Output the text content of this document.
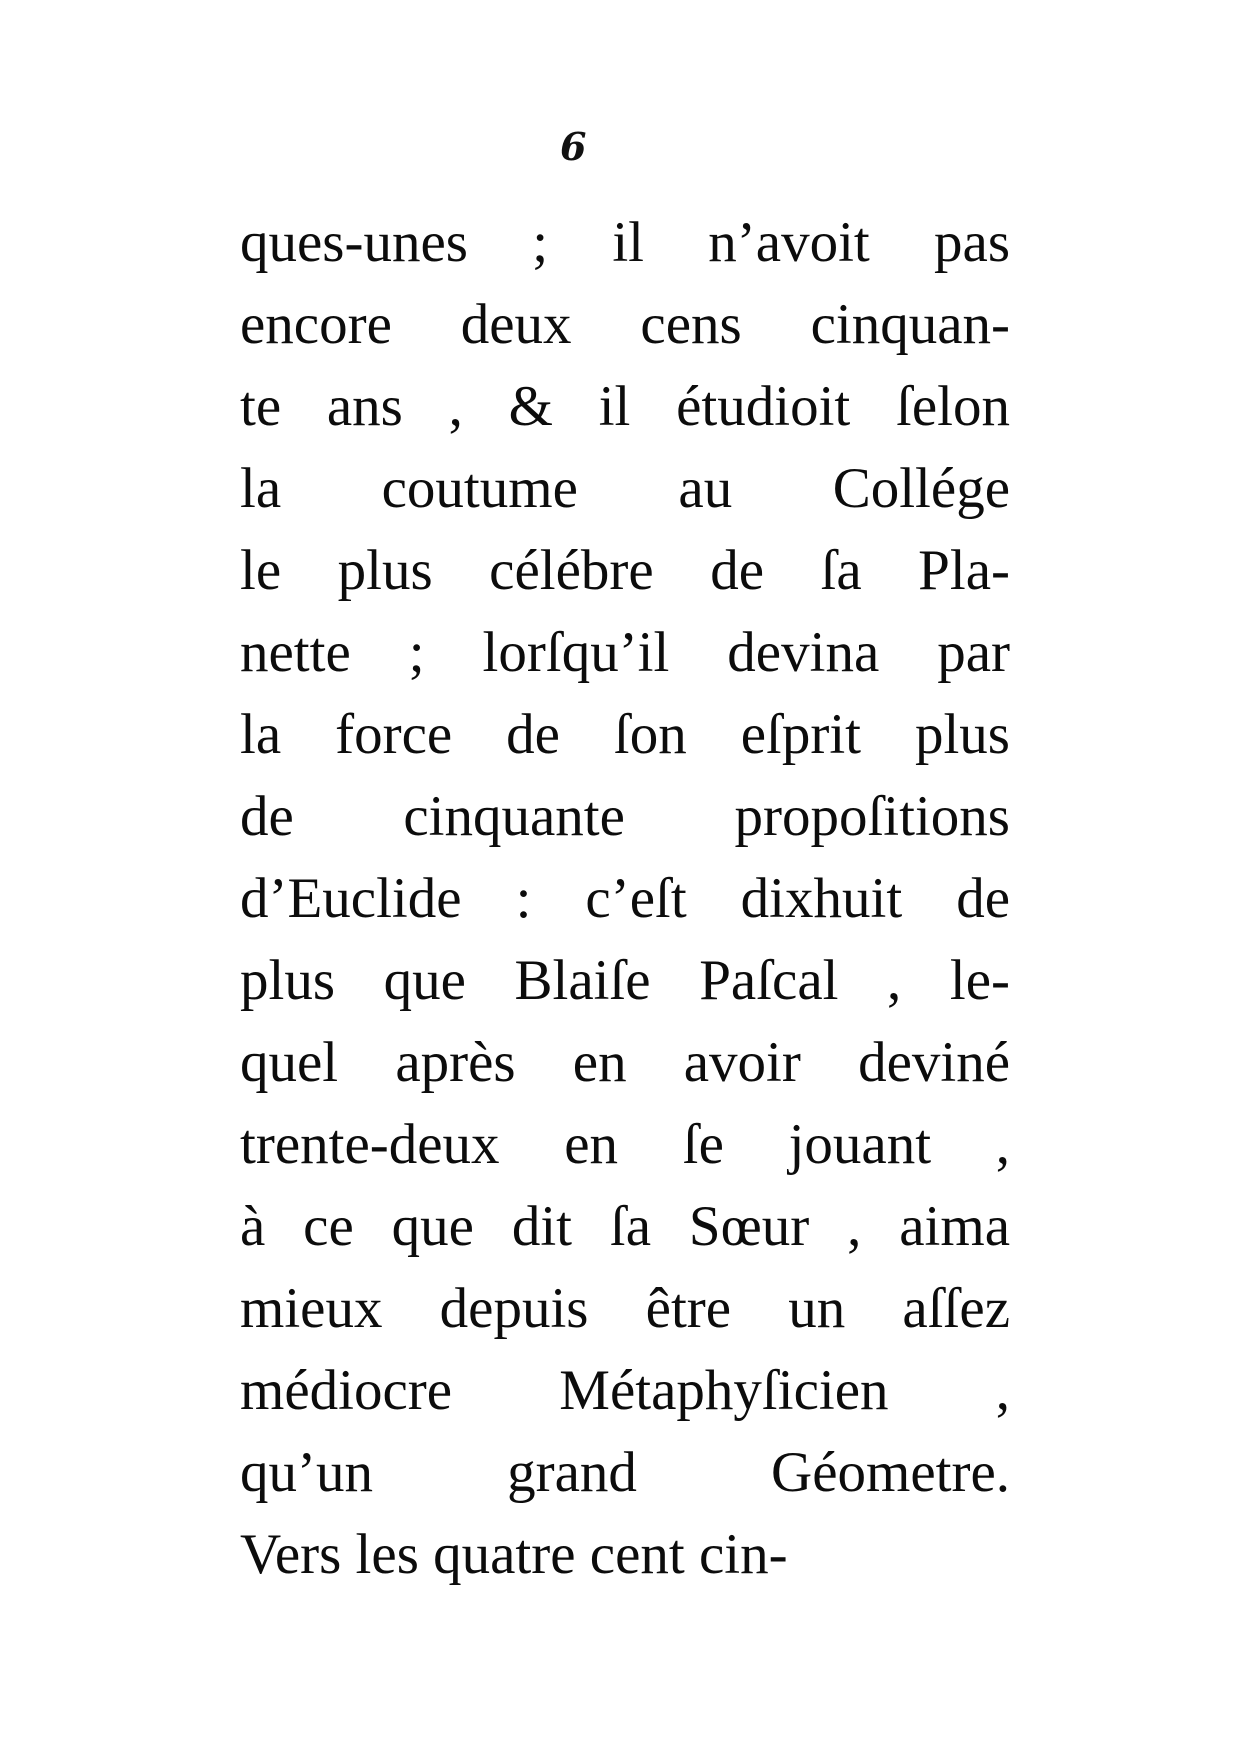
6
ques-unes ; il n’avoit pas
encore deux cens cinquan-
te ans , & il étudioit ſelon
la coutume au Collége
le plus célébre de ſa Pla-
nette ; lorſqu’il devina par
la force de ſon eſprit plus
de cinquante propoſitions
d’Euclide : c’eſt dixhuit de
plus que Blaiſe Paſcal , le-
quel après en avoir deviné
trente-deux en ſe jouant ,
à ce que dit ſa Sœur , aima
mieux depuis être un aſſez
médiocre Métaphyſicien ,
qu’un grand Géometre.
Vers les quatre cent cin-
